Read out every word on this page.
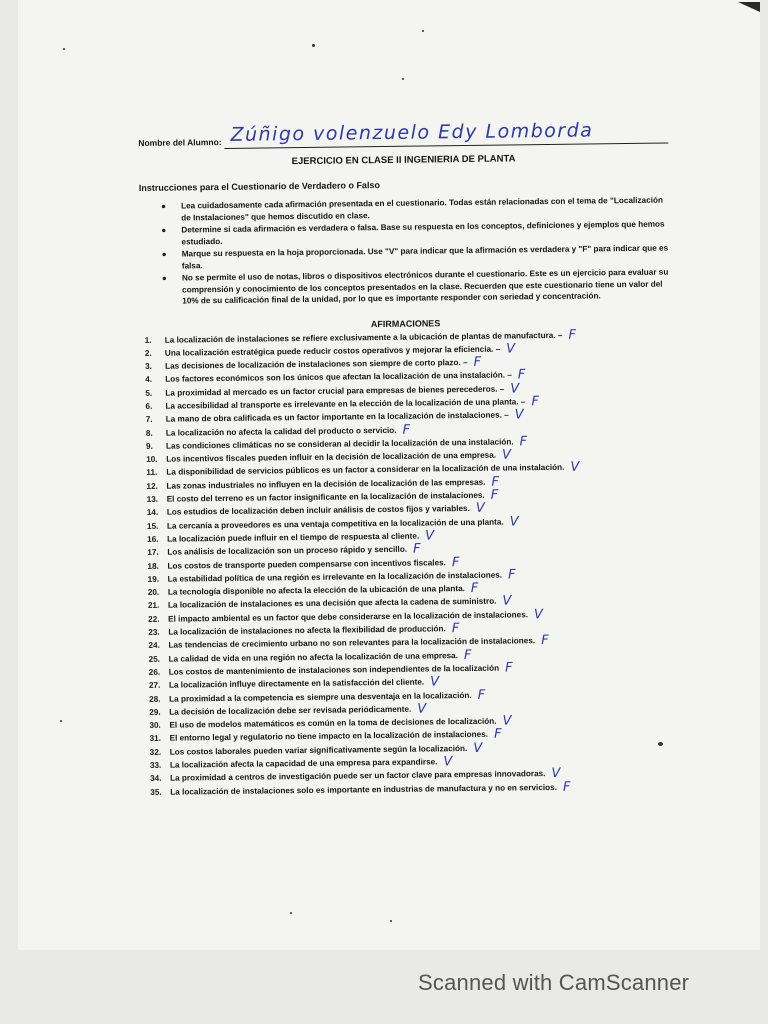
Nombre del Alumno: Zúñigo volenzuelo Edy Lomborda
EJERCICIO EN CLASE II INGENIERIA DE PLANTA
Instrucciones para el Cuestionario de Verdadero o Falso
● Lea cuidadosamente cada afirmación presentada en el cuestionario. Todas están relacionadas con el tema de "Localización de Instalaciones" que hemos discutido en clase.
● Determine si cada afirmación es verdadera o falsa. Base su respuesta en los conceptos, definiciones y ejemplos que hemos estudiado.
● Marque su respuesta en la hoja proporcionada. Use "V" para indicar que la afirmación es verdadera y "F" para indicar que es falsa.
● No se permite el uso de notas, libros o dispositivos electrónicos durante el cuestionario. Este es un ejercicio para evaluar su comprensión y conocimiento de los conceptos presentados en la clase. Recuerden que este cuestionario tiene un valor del 10% de su calificación final de la unidad, por lo que es importante responder con seriedad y concentración.
AFIRMACIONES
1.	La localización de instalaciones se refiere exclusivamente a la ubicación de plantas de manufactura. – F
2.	Una localización estratégica puede reducir costos operativos y mejorar la eficiencia. – V
3.	Las decisiones de localización de instalaciones son siempre de corto plazo. – F
4.	Los factores económicos son los únicos que afectan la localización de una instalación. – F
5.	La proximidad al mercado es un factor crucial para empresas de bienes perecederos. – V
6.	La accesibilidad al transporte es irrelevante en la elección de la localización de una planta. – F
7.	La mano de obra calificada es un factor importante en la localización de instalaciones. – V
8.	La localización no afecta la calidad del producto o servicio. F
9.	Las condiciones climáticas no se consideran al decidir la localización de una instalación. F
10.	Los incentivos fiscales pueden influir en la decisión de localización de una empresa. V
11.	La disponibilidad de servicios públicos es un factor a considerar en la localización de una instalación. V
12.	Las zonas industriales no influyen en la decisión de localización de las empresas. F
13.	El costo del terreno es un factor insignificante en la localización de instalaciones. F
14.	Los estudios de localización deben incluir análisis de costos fijos y variables. V
15.	La cercanía a proveedores es una ventaja competitiva en la localización de una planta. V
16.	La localización puede influir en el tiempo de respuesta al cliente. V
17.	Los análisis de localización son un proceso rápido y sencillo. F
18.	Los costos de transporte pueden compensarse con incentivos fiscales. F
19.	La estabilidad política de una región es irrelevante en la localización de instalaciones. F
20.	La tecnología disponible no afecta la elección de la ubicación de una planta. F
21.	La localización de instalaciones es una decisión que afecta la cadena de suministro. V
22.	El impacto ambiental es un factor que debe considerarse en la localización de instalaciones. V
23.	La localización de instalaciones no afecta la flexibilidad de producción. F
24.	Las tendencias de crecimiento urbano no son relevantes para la localización de instalaciones. F
25.	La calidad de vida en una región no afecta la localización de una empresa. F
26.	Los costos de mantenimiento de instalaciones son independientes de la localización F
27.	La localización influye directamente en la satisfacción del cliente. V
28.	La proximidad a la competencia es siempre una desventaja en la localización. F
29.	La decisión de localización debe ser revisada periódicamente. V
30.	El uso de modelos matemáticos es común en la toma de decisiones de localización. V
31.	El entorno legal y regulatorio no tiene impacto en la localización de instalaciones. F
32.	Los costos laborales pueden variar significativamente según la localización. V
33.	La localización afecta la capacidad de una empresa para expandirse. V
34.	La proximidad a centros de investigación puede ser un factor clave para empresas innovadoras. V
35.	La localización de instalaciones solo es importante en industrias de manufactura y no en servicios. F
Scanned with CamScanner
